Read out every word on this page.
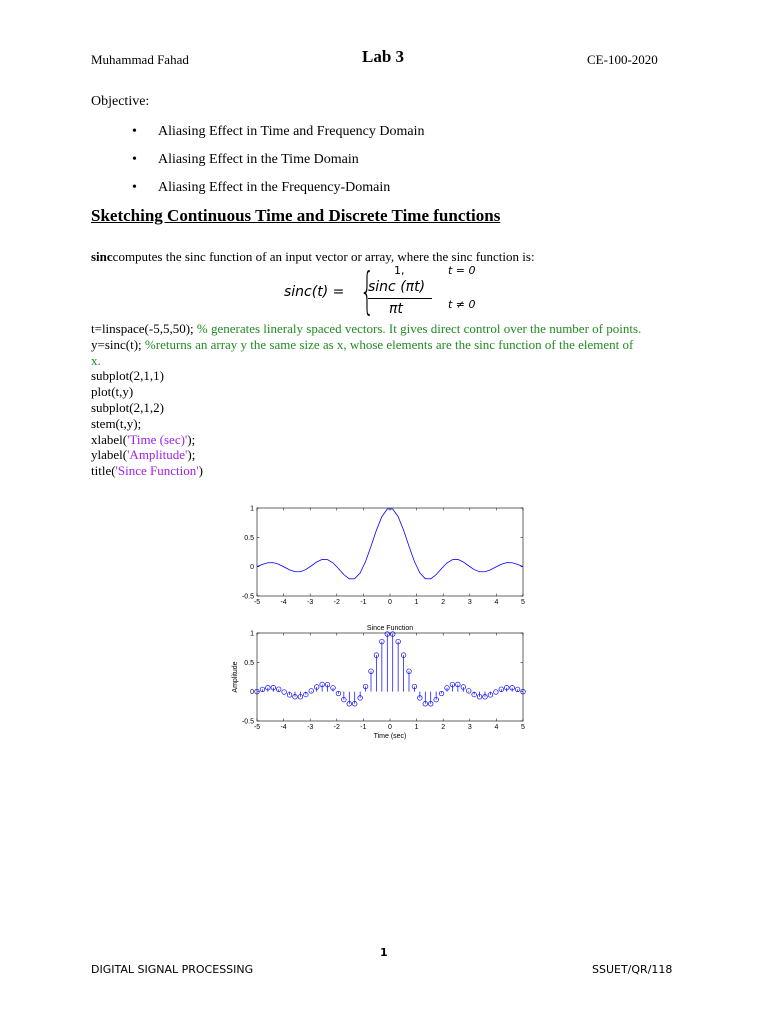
Muhammad Fahad	Lab 3	CE-100-2020
Objective:
• Aliasing Effect in Time and Frequency Domain
• Aliasing Effect in the Time Domain
• Aliasing Effect in the Frequency-Domain
Sketching Continuous Time and Discrete Time functions
sinccomputes the sinc function of an input vector or array, where the sinc function is:
sinc(t) = { 1,	t = 0
sinc (πt)
πt	t ≠ 0
t=linspace(-5,5,50); % generates lineraly spaced vectors. It gives direct control over the number of points.
y=sinc(t); %returns an array y the same size as x, whose elements are the sinc function of the element of
x.
subplot(2,1,1)
plot(t,y)
subplot(2,1,2)
stem(t,y);
xlabel('Time (sec)');
ylabel('Amplitude');
title('Since Function')
-5	-4	-3	-2	-1	0	1	2	3	4	5
-0.5
0
0.5
1
-5	-4	-3	-2	-1	0	1	2	3	4	5
-0.5
0
0.5
1
Since Function
Time (sec)
Amplitude
1
DIGITAL SIGNAL PROCESSING	SSUET/QR/118
